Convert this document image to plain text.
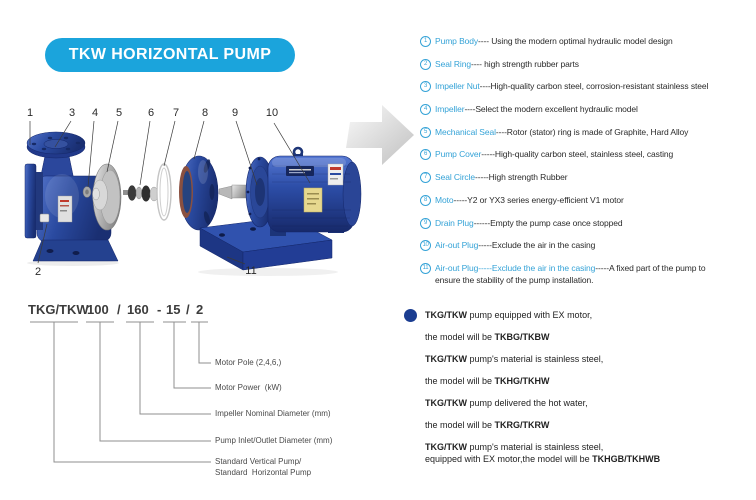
TKW HORIZONTAL PUMP
1	3 4 5 6 7 8 9	10
2	11
1 Pump Body ---- Using the modern optimal hydraulic model design
2 Seal Ring ---- high strength rubber parts
3 Impeller Nut ----High-quality carbon steel, corrosion-resistant stainless steel
4 Impeller ----Select the modern excellent hydraulic model
5 Mechanical Seal ----Rotor (stator) ring is made of Graphite, Hard Alloy
6 Pump Cover -----High-quality carbon steel, stainless steel, casting
7 Seal Circle -----High strength Rubber
8 Moto -----Y2 or YX3 series energy-efficient V1 motor
9 Drain Plug ------Empty the pump case once stopped
10 Air-out Plug -----Exclude the air in the casing
11 Air-out Plug -----Exclude the air in the casing -----A fixed part of the pump to
ensure the stability of the pump installation.
TKG/TKW
100 / 160 - 15 / 2
Motor Pole (2,4,6,)
Motor Power  (kW)
Impeller Nominal Diameter (mm)
Pump Inlet/Outlet Diameter (mm)
Standard Vertical Pump/
Standard  Horizontal Pump
TKG/TKW pump equipped with EX motor,
the model will be TKBG/TKBW
TKG/TKW pump's material is stainless steel,
the model will be TKHG/TKHW
TKG/TKW pump delivered the hot water,
the model will be TKRG/TKRW
TKG/TKW pump's material is stainless steel,
equipped with EX motor,the model will be TKHGB/TKHWB
